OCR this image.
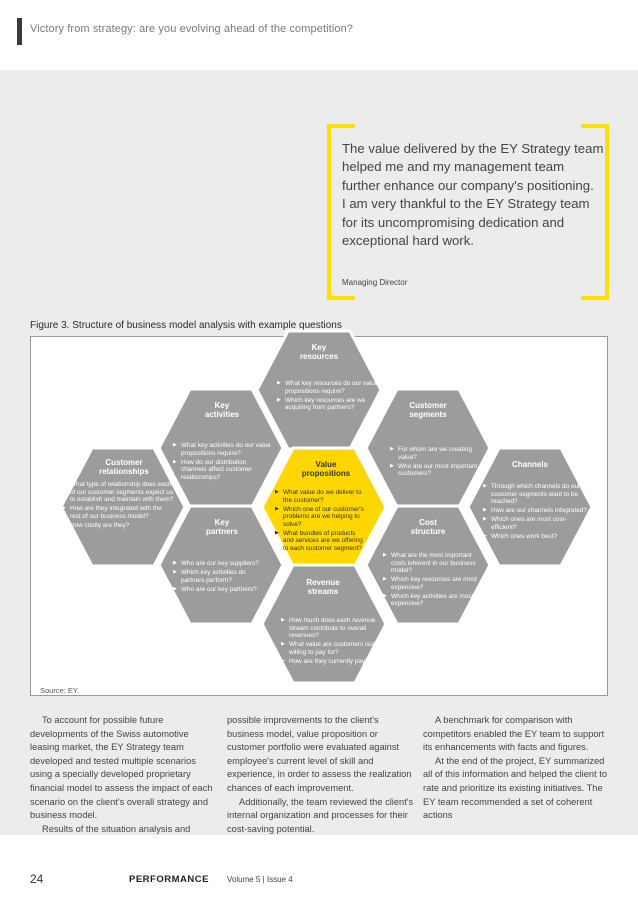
Victory from strategy: are you evolving ahead of the competition?

The value delivered by the EY Strategy team helped me and my management team further enhance our company's positioning.

I am very thankful to the EY Strategy team for its uncompromising dedication and exceptional hard work.

Managing Director
Figure 3. Structure of business model analysis with example questions
Key
resources
Key
activities
Customer
segments
Customer
relationships
Value
propositions
Channels
Key
partners
Cost
structure
Revenue
streams
▶ What key resources do our value propositions require?
▶ Which key resources are we acquiring from partners?
▶ What key activities do our value propositions require?
▶ How do our distribution channels affect customer relationships?
▶ For whom are we creating value?
▶ Who are our most important customers?
▶ What type of relationship does each of our customer segments expect us to establish and maintain with them?
▶ How are they integrated with the rest of our business model?
▶ How costly are they?
▶ What value do we deliver to the customer?
▶ Which one of our customer's problems are we helping to solve?
▶ What bundles of products and services are we offering to each customer segment?
▶ Through which channels do our customer segments want to be reached?
▶ How are our channels integrated?
▶ Which ones are most cost-efficient?
▶ Which ones work best?
▶ Who are our key suppliers?
▶ Which key activities do partners perform?
▶ Who are our key partners?
▶ What are the most important costs inherent in our business model?
▶ Which key resources are most expensive?
▶ Which key activities are most expensive?
▶ How much does each revenue stream contribute to overall revenues?
▶ What value are customers really willing to pay for?
▶ How are they currently paying?
Source: EY.

To account for possible future developments of the Swiss automotive leasing market, the EY Strategy team developed and tested multiple scenarios using a specially developed proprietary financial model to assess the impact of each scenario on the client's overall strategy and business model.

Results of the situation analysis and

possible improvements to the client's business model, value proposition or customer portfolio were evaluated against employee's current level of skill and experience, in order to assess the realization chances of each improvement.

Additionally, the team reviewed the client's internal organization and processes for their cost-saving potential.

A benchmark for comparison with competitors enabled the EY team to support its enhancements with facts and figures.

At the end of the project, EY summarized all of this information and helped the client to rate and prioritize its existing initiatives. The EY team recommended a set of coherent actions

24	PERFORMANCE Volume 5 | Issue 4
